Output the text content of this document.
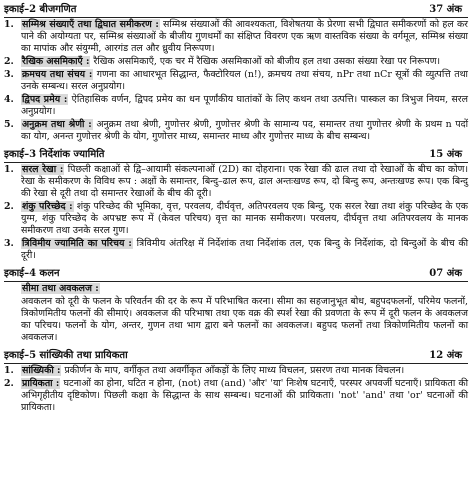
इकाई–2 बीजगणित	37 अंक
1. सम्मिश्र संख्याएँ तथा द्विघात समीकरण : सम्मिश्र संख्याओं की आवश्यकता, विशेषतया के प्रेरणा सभी द्विघात समीकरणों को हल कर पाने की अयोग्यता पर, सम्मिश्र संख्याओं के बीजीय गुणधर्मों का संक्षिप्त विवरण एक ऋण वास्तविक संख्या के वर्गमूल, सम्मिश्र संख्या का मापांक और संयुग्मी, आरगंड तल और ध्रुवीय निरूपण।
2. रैखिक असमिकाएँ : रैखिक असमिकाएँ, एक चर में रैखिक असमिकाओं को बीजीय हल तथा उसका संख्या रेखा पर निरूपण।
3. क्रमचय तथा संचय : गणना का आधारभूत सिद्धान्त, फैक्टोरियल (n!), क्रमचय तथा संचय, nPr तथा nCr सूत्रों की व्युत्पत्ति तथा उनके सम्बन्ध। सरल अनुप्रयोग।
4. द्विपद प्रमेय : ऐतिहासिक वर्णन, द्विपद प्रमेय का धन पूर्णांकीय घातांकों के लिए कथन तथा उत्पत्ति। पास्कल का त्रिभुज नियम, सरल अनुप्रयोग।
5. अनुक्रम तथा श्रेणी : अनुक्रम तथा श्रेणी, गुणोत्तर श्रेणी, गुणोत्तर श्रेणी के सामान्य पद, समान्तर तथा गुणोत्तर श्रेणी के प्रथम n पदों का योग, अनन्त गुणोत्तर श्रेणी के योग, गुणोत्तर माध्य, समान्तर माध्य और गुणोत्तर माध्य के बीच सम्बन्ध।
इकाई–3 निर्देशांक ज्यामिति	15 अंक
1. सरल रेखा : पिछली कक्षाओं से द्वि–आयामी संकल्पनाओं (2D) का दोहराना। एक रेखा की ढाल तथा दो रेखाओं के बीच का कोण। रेखा के समीकरण के विविध रूप : अक्षों के समान्तर, बिन्दु–ढाल रूप, ढाल अन्तःखण्ड रूप, दो बिन्दु रूप, अन्तःखण्ड रूप। एक बिन्दु की रेखा से दूरी तथा दो समान्तर रेखाओं के बीच की दूरी।
2. शंकु परिच्छेद : शंकु परिच्छेद की भूमिका, वृत्त, परवलय, दीर्घवृत्त, अतिपरवलय एक बिन्दु, एक सरल रेखा तथा शंकु परिच्छेद के एक युग्म, शंकु परिच्छेद के अपभ्रष्ट रूप में (केवल परिचय) वृत्त का मानक समीकरण। परवलय, दीर्घवृत्त तथा अतिपरवलय के मानक समीकरण तथा उनके सरल गुण।
3. त्रिविमीय ज्यामिति का परिचय : त्रिविमीय अंतरिक्ष में निर्देशांक तथा निर्देशांक तल, एक बिन्दु के निर्देशांक, दो बिन्दुओं के बीच की दूरी।
इकाई–4 कलन	07 अंक
सीमा तथा अवकलज :
अवकलन को दूरी के फलन के परिवर्तन की दर के रूप में परिभाषित करना। सीमा का सहजानुभूत बोध, बहुपदफलनों, परिमेय फलनों, त्रिकोणमितीय फलनों की सीमाएं। अवकलज की परिभाषा तथा एक वक्र की स्पर्श रेखा की प्रवणता के रूप में दूरी फलन के अवकलज का परिचय। फलनों के योग, अन्तर, गुणन तथा भाग द्वारा बने फलनों का अवकलज। बहुपद फलनों तथा त्रिकोणमितीय फलनों का अवकलज।
इकाई–5 सांख्यिकी तथा प्रायिकता	12 अंक
1. सांख्यिकी : प्रकीर्णन के माप, वर्गीकृत तथा अवर्गीकृत आँकड़ों के लिए माध्य विचलन, प्रसरण तथा मानक विचलन।
2. प्रायिकता : घटनाओं का होना, घटित न होना, (not) तथा (and) 'और' 'या' निःशेष घटनाएँ, परस्पर अपवर्जी घटनाएँ। प्रायिकता की अभिगृहीतीय दृष्टिकोण। पिछली कक्षा के सिद्धान्त के साथ सम्बन्ध। घटनाओं की प्रायिकता। 'not' 'and' तथा 'or' घटनाओं की प्रायिकता।
